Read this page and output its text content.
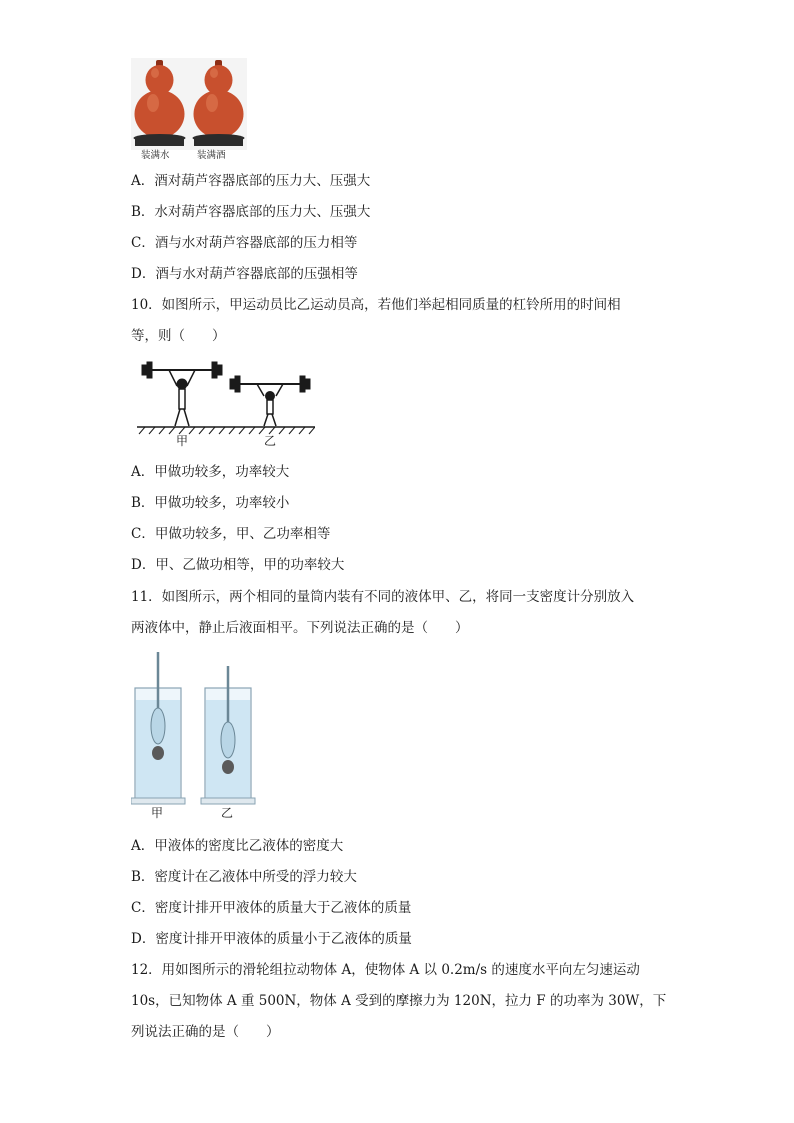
装满水	装满酒
A．酒对葫芦容器底部的压力大、压强大
B．水对葫芦容器底部的压力大、压强大
C．酒与水对葫芦容器底部的压力相等
D．酒与水对葫芦容器底部的压强相等
10．如图所示，甲运动员比乙运动员高，若他们举起相同质量的杠铃所用的时间相
等，则（　　）
甲	乙
A．甲做功较多，功率较大
B．甲做功较多，功率较小
C．甲做功较多，甲、乙功率相等
D．甲、乙做功相等，甲的功率较大
11．如图所示，两个相同的量筒内装有不同的液体甲、乙，将同一支密度计分别放入
两液体中，静止后液面相平。下列说法正确的是（　　）
甲	乙
A．甲液体的密度比乙液体的密度大
B．密度计在乙液体中所受的浮力较大
C．密度计排开甲液体的质量大于乙液体的质量
D．密度计排开甲液体的质量小于乙液体的质量
12．用如图所示的滑轮组拉动物体 A，使物体 A 以 0.2m/s 的速度水平向左匀速运动
10s，已知物体 A 重 500N，物体 A 受到的摩擦力为 120N，拉力 F 的功率为 30W，下
列说法正确的是（　　）
